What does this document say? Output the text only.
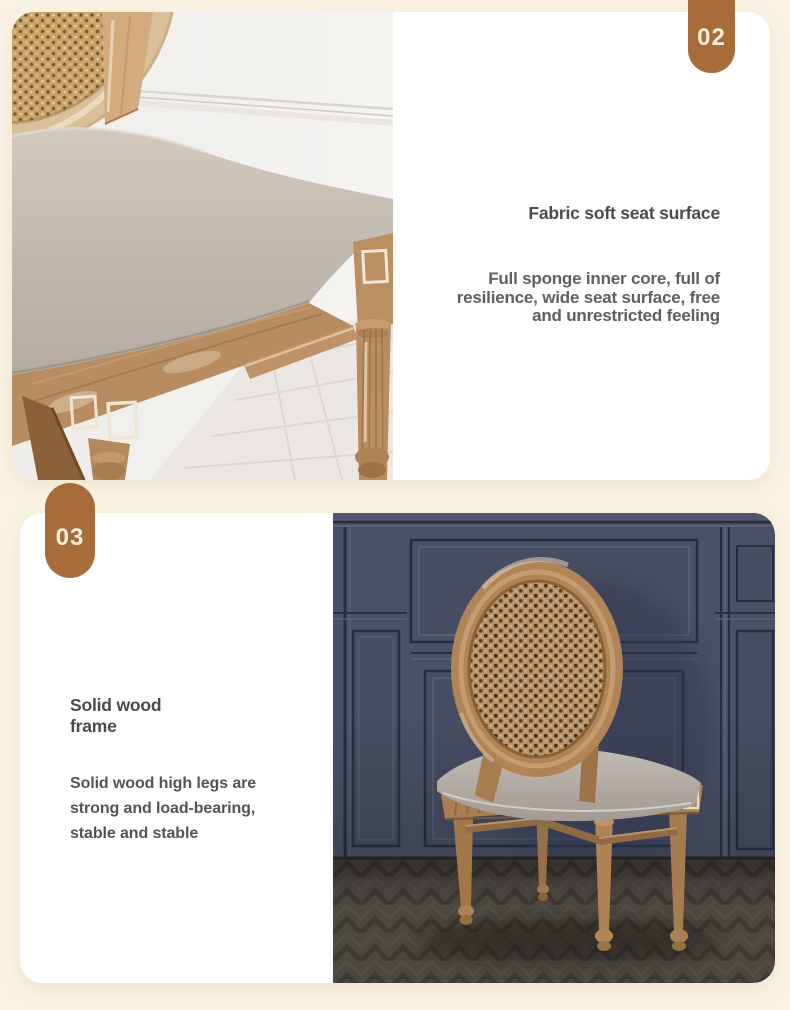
Fabric soft seat surface

Full sponge inner core, full of

resilience, wide seat surface, free

and unrestricted feeling

Solid wood
frame

Solid wood high legs are

strong and load-bearing,

stable and stable

02
03
